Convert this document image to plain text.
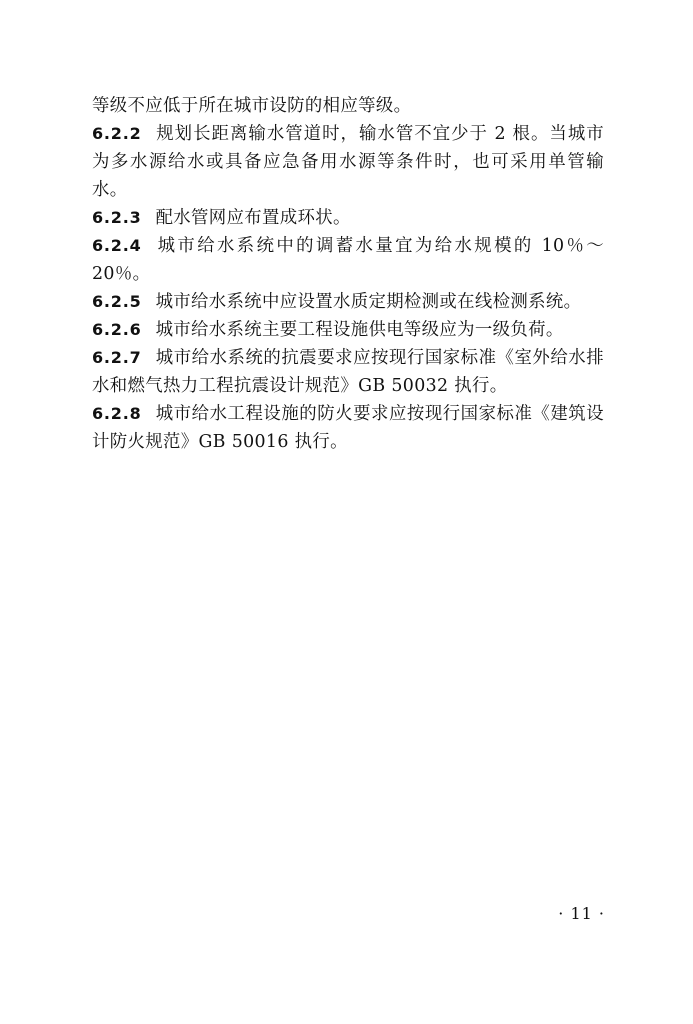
等级不应低于所在城市设防的相应等级。

6.2.2 规划长距离输水管道时，输水管不宜少于 2 根。当城市为多水源给水或具备应急备用水源等条件时，也可采用单管输水。

6.2.3 配水管网应布置成环状。

6.2.4 城市给水系统中的调蓄水量宜为给水规模的 10％～20％。

6.2.5 城市给水系统中应设置水质定期检测或在线检测系统。

6.2.6 城市给水系统主要工程设施供电等级应为一级负荷。

6.2.7 城市给水系统的抗震要求应按现行国家标准《室外给水排水和燃气热力工程抗震设计规范》GB 50032 执行。

6.2.8 城市给水工程设施的防火要求应按现行国家标准《建筑设计防火规范》GB 50016 执行。

· 11 ·
